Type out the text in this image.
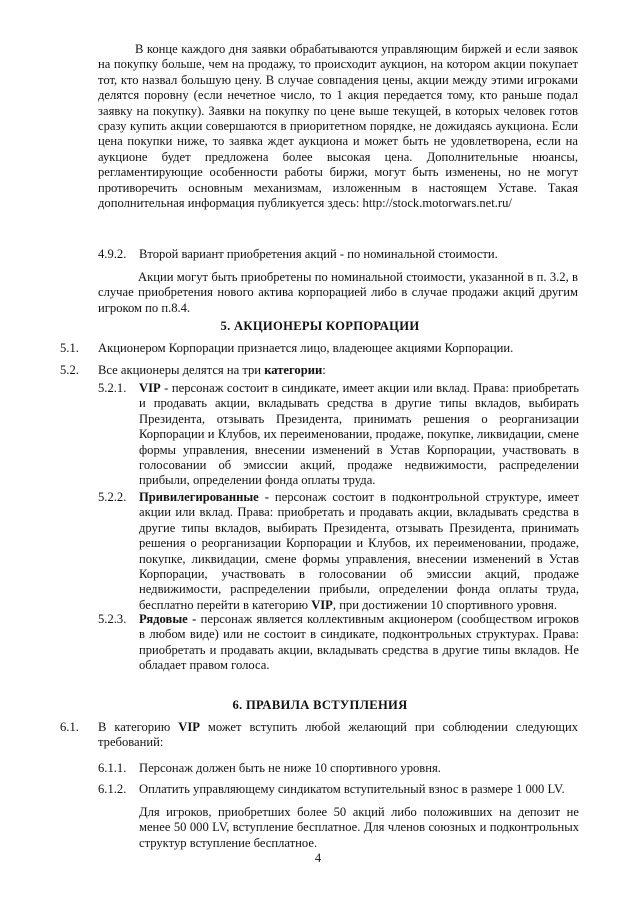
В конце каждого дня заявки обрабатываются управляющим биржей и если заявок на покупку больше, чем на продажу, то происходит аукцион, на котором акции покупает тот, кто назвал большую цену. В случае совпадения цены, акции между этими игроками делятся поровну (если нечетное число, то 1 акция передается тому, кто раньше подал заявку на покупку). Заявки на покупку по цене выше текущей, в которых человек готов сразу купить акции совершаются в приоритетном порядке, не дожидаясь аукциона. Если цена покупки ниже, то заявка ждет аукциона и может быть не удовлетворена, если на аукционе будет предложена более высокая цена. Дополнительные нюансы, регламентирующие особенности работы биржи, могут быть изменены, но не могут противоречить основным механизмам, изложенным в настоящем Уставе. Такая дополнительная информация публикуется здесь: http://stock.motorwars.net.ru/

4.9.2. Второй вариант приобретения акций - по номинальной стоимости.

Акции могут быть приобретены по номинальной стоимости, указанной в п. 3.2, в случае приобретения нового актива корпорацией либо в случае продажи акций другим игроком по п.8.4.

5. АКЦИОНЕРЫ КОРПОРАЦИИ

5.1. Акционером Корпорации признается лицо, владеющее акциями Корпорации.

5.2. Все акционеры делятся на три категории:

5.2.1. VIP - персонаж состоит в синдикате, имеет акции или вклад. Права: приобретать и продавать акции, вкладывать средства в другие типы вкладов, выбирать Президента, отзывать Президента, принимать решения о реорганизации Корпорации и Клубов, их переименовании, продаже, покупке, ликвидации, смене формы управления, внесении изменений в Устав Корпорации, участвовать в голосовании об эмиссии акций, продаже недвижимости, распределении прибыли, определении фонда оплаты труда.

5.2.2. Привилегированные - персонаж состоит в подконтрольной структуре, имеет акции или вклад. Права: приобретать и продавать акции, вкладывать средства в другие типы вкладов, выбирать Президента, отзывать Президента, принимать решения о реорганизации Корпорации и Клубов, их переименовании, продаже, покупке, ликвидации, смене формы управления, внесении изменений в Устав Корпорации, участвовать в голосовании об эмиссии акций, продаже недвижимости, распределении прибыли, определении фонда оплаты труда, бесплатно перейти в категорию VIP, при достижении 10 спортивного уровня.

5.2.3. Рядовые - персонаж является коллективным акционером (сообществом игроков в любом виде) или не состоит в синдикате, подконтрольных структурах. Права: приобретать и продавать акции, вкладывать средства в другие типы вкладов. Не обладает правом голоса.

6. ПРАВИЛА ВСТУПЛЕНИЯ

6.1. В категорию VIP может вступить любой желающий при соблюдении следующих требований:

6.1.1. Персонаж должен быть не ниже 10 спортивного уровня.

6.1.2. Оплатить управляющему синдикатом вступительный взнос в размере 1 000 LV.

Для игроков, приобретших более 50 акций либо положивших на депозит не менее 50 000 LV, вступление бесплатное. Для членов союзных и подконтрольных структур вступление бесплатное.

4
